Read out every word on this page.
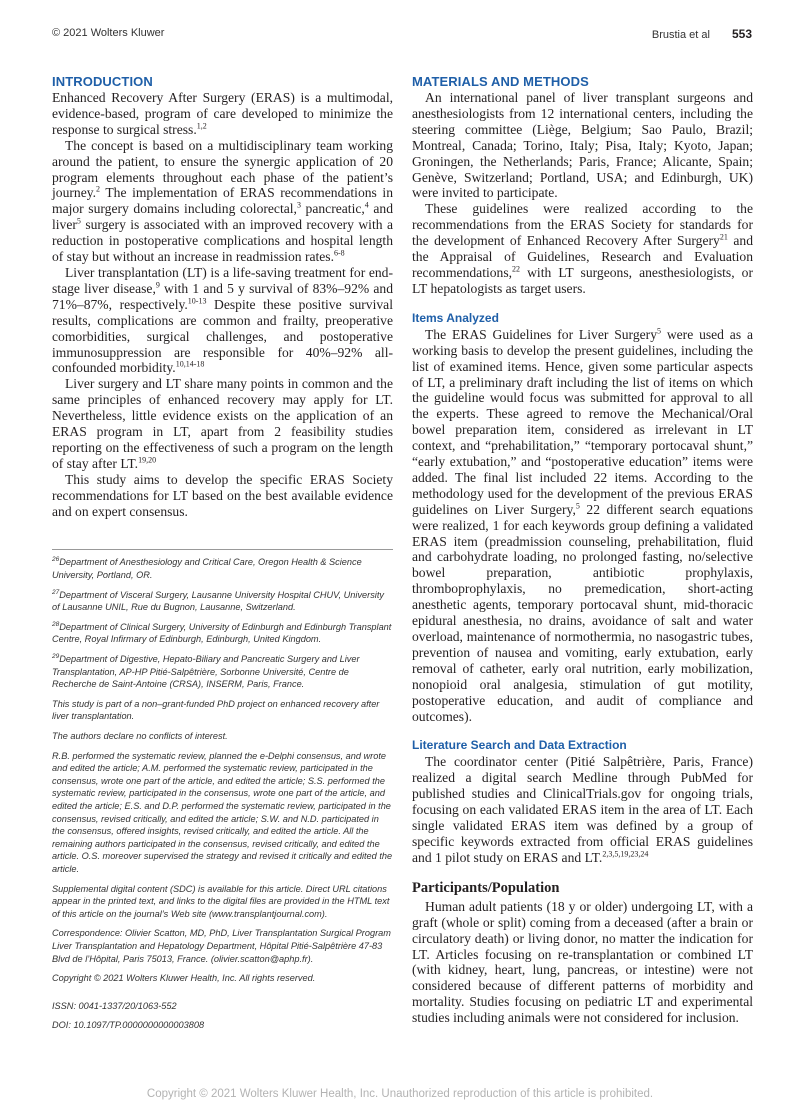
© 2021 Wolters Kluwer	Brustia et al 553
INTRODUCTION

Enhanced Recovery After Surgery (ERAS) is a multimodal, evidence-based, program of care developed to minimize the response to surgical stress.$^{1,2}$

The concept is based on a multidisciplinary team working around the patient, to ensure the synergic application of 20 program elements throughout each phase of the patient’s journey.$^2$ The implementation of ERAS recommendations in major surgery domains including colorectal,$^3$ pancreatic,$^4$ and liver$^5$ surgery is associated with an improved recovery with a reduction in postoperative complications and hospital length of stay but without an increase in readmission rates.$^{6-8}$

Liver transplantation (LT) is a life-saving treatment for end-stage liver disease,$^9$ with 1 and 5 y survival of 83%–92% and 71%–87%, respectively.$^{10-13}$ Despite these positive survival results, complications are common and frailty, preoperative comorbidities, surgical challenges, and postoperative immunosuppression are responsible for 40%–92% all-confounded morbidity.$^{10,14-18}$

Liver surgery and LT share many points in common and the same principles of enhanced recovery may apply for LT. Nevertheless, little evidence exists on the application of an ERAS program in LT, apart from 2 feasibility studies reporting on the effectiveness of such a program on the length of stay after LT.$^{19,20}$

This study aims to develop the specific ERAS Society recommendations for LT based on the best available evidence and on expert consensus.

$^{26}$Department of Anesthesiology and Critical Care, Oregon Health & Science University, Portland, OR.

$^{27}$Department of Visceral Surgery, Lausanne University Hospital CHUV, University of Lausanne UNIL, Rue du Bugnon, Lausanne, Switzerland.

$^{28}$Department of Clinical Surgery, University of Edinburgh and Edinburgh Transplant Centre, Royal Infirmary of Edinburgh, Edinburgh, United Kingdom.

$^{29}$Department of Digestive, Hepato-Biliary and Pancreatic Surgery and Liver Transplantation, AP-HP Pitié-Salpêtrière, Sorbonne Université, Centre de Recherche de Saint-Antoine (CRSA), INSERM, Paris, France.

This study is part of a non–grant-funded PhD project on enhanced recovery after liver transplantation.

The authors declare no conflicts of interest.

R.B. performed the systematic review, planned the e-Delphi consensus, and wrote and edited the article; A.M. performed the systematic review, participated in the consensus, wrote one part of the article, and edited the article; S.S. performed the systematic review, participated in the consensus, wrote one part of the article, and edited the article; E.S. and D.P. performed the systematic review, participated in the consensus, revised critically, and edited the article; S.W. and N.D. participated in the consensus, offered insights, revised critically, and edited the article. All the remaining authors participated in the consensus, revised critically, and edited the article. O.S. moreover supervised the strategy and revised it critically and edited the article.

Supplemental digital content (SDC) is available for this article. Direct URL citations appear in the printed text, and links to the digital files are provided in the HTML text of this article on the journal’s Web site (www.transplantjournal.com).

Correspondence: Olivier Scatton, MD, PhD, Liver Transplantation Surgical Program Liver Transplantation and Hepatology Department, Hôpital Pitié-Salpêtrière 47-83 Blvd de l’Hôpital, Paris 75013, France. (olivier.scatton@aphp.fr).

Copyright © 2021 Wolters Kluwer Health, Inc. All rights reserved.

ISSN: 0041-1337/20/1063-552

DOI: 10.1097/TP.0000000000003808

MATERIALS AND METHODS

An international panel of liver transplant surgeons and anesthesiologists from 12 international centers, including the steering committee (Liège, Belgium; Sao Paulo, Brazil; Montreal, Canada; Torino, Italy; Pisa, Italy; Kyoto, Japan; Groningen, the Netherlands; Paris, France; Alicante, Spain; Genève, Switzerland; Portland, USA; and Edinburgh, UK) were invited to participate.

These guidelines were realized according to the recommendations from the ERAS Society for standards for the development of Enhanced Recovery After Surgery$^{21}$ and the Appraisal of Guidelines, Research and Evaluation recommendations,$^{22}$ with LT surgeons, anesthesiologists, or LT hepatologists as target users.

Items Analyzed

The ERAS Guidelines for Liver Surgery$^5$ were used as a working basis to develop the present guidelines, including the list of examined items. Hence, given some particular aspects of LT, a preliminary draft including the list of items on which the guideline would focus was submitted for approval to all the experts. These agreed to remove the Mechanical/Oral bowel preparation item, considered as irrelevant in LT context, and “prehabilitation,” “temporary portocaval shunt,” “early extubation,” and “postoperative education” items were added. The final list included 22 items. According to the methodology used for the development of the previous ERAS guidelines on Liver Surgery,$^5$ 22 different search equations were realized, 1 for each keywords group defining a validated ERAS item (preadmission counseling, prehabilitation, fluid and carbohydrate loading, no prolonged fasting, no/selective bowel preparation, antibiotic prophylaxis, thromboprophylaxis, no premedication, short-acting anesthetic agents, temporary portocaval shunt, mid-thoracic epidural anesthesia, no drains, avoidance of salt and water overload, maintenance of normothermia, no nasogastric tubes, prevention of nausea and vomiting, early extubation, early removal of catheter, early oral nutrition, early mobilization, nonopioid oral analgesia, stimulation of gut motility, postoperative education, and audit of compliance and outcomes).

Literature Search and Data Extraction

The coordinator center (Pitié Salpêtrière, Paris, France) realized a digital search Medline through PubMed for published studies and ClinicalTrials.gov for ongoing trials, focusing on each validated ERAS item in the area of LT. Each single validated ERAS item was defined by a group of specific keywords extracted from official ERAS guidelines and 1 pilot study on ERAS and LT.$^{2,3,5,19,23,24}$

Participants/Population

Human adult patients (18 y or older) undergoing LT, with a graft (whole or split) coming from a deceased (after a brain or circulatory death) or living donor, no matter the indication for LT. Articles focusing on re-transplantation or combined LT (with kidney, heart, lung, pancreas, or intestine) were not considered because of different patterns of morbidity and mortality. Studies focusing on pediatric LT and experimental studies including animals were not considered for inclusion.

Copyright © 2021 Wolters Kluwer Health, Inc. Unauthorized reproduction of this article is prohibited.
